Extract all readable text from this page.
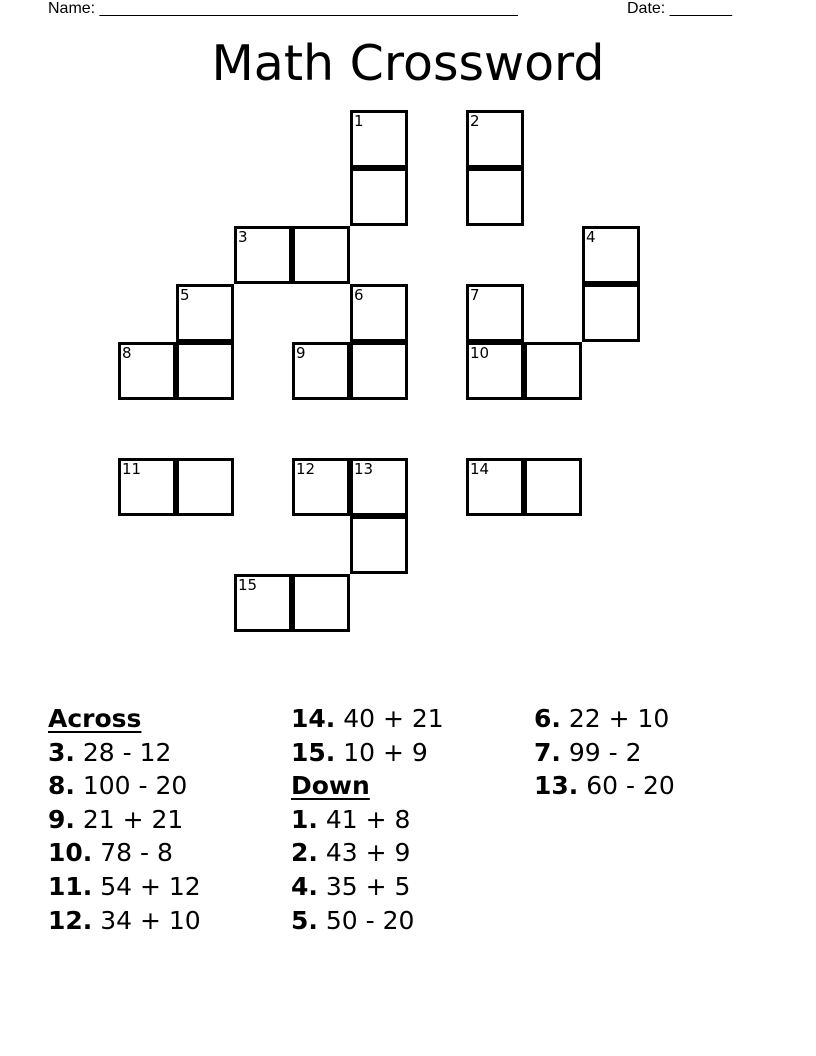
Name: _______________________________________________	Date: _______
Math Crossword
1	2
3	4
5	6	7
8	9	10
11	12	13	14
15
Across
3. 28 - 12
8. 100 - 20
9. 21 + 21
10. 78 - 8
11. 54 + 12
12. 34 + 10
14. 40 + 21
15. 10 + 9
Down
1. 41 + 8
2. 43 + 9
4. 35 + 5
5. 50 - 20
6. 22 + 10
7. 99 - 2
13. 60 - 20
